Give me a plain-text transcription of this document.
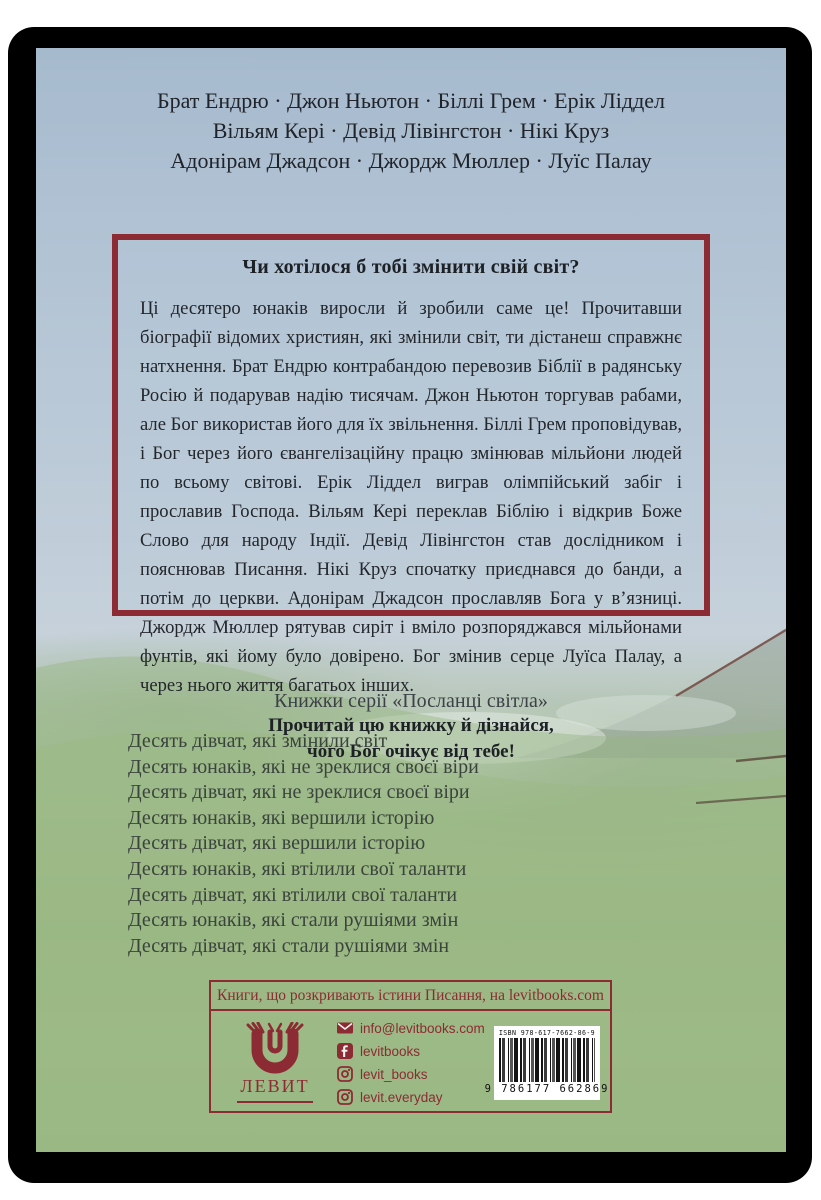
Брат Ендрю · Джон Ньютон · Біллі Грем · Ерік Ліддел
Вільям Кері · Девід Лівінгстон · Нікі Круз
Адонірам Джадсон · Джордж Мюллер · Луїс Палау
Чи хотілося б тобі змінити свій світ?

Ці десятеро юнаків виросли й зробили саме це! Прочитавши біографії відомих християн, які змінили світ, ти дістанеш справжнє натхнення. Брат Ендрю контрабандою перевозив Біблії в радянську Росію й подарував надію тисячам. Джон Ньютон торгував рабами, але Бог використав його для їх звільнення. Біллі Грем проповідував, і Бог через його євангелізаційну працю змінював мільйони людей по всьому світові. Ерік Ліддел виграв олімпійський забіг і прославив Господа. Вільям Кері переклав Біблію і відкрив Боже Слово для народу Індії. Девід Лівінгстон став дослідником і пояснював Писання. Нікі Круз спочатку приєднався до банди, а потім до церкви. Адонірам Джадсон прославляв Бога у в’язниці. Джордж Мюллер рятував сиріт і вміло розпоряджався мільйонами фунтів, які йому було довірено. Бог змінив серце Луїса Палау, а через нього життя багатьох інших.

Прочитай цю книжку й дізнайся,
чого Бог очікує від тебе!
Книжки серії «Посланці світла»
Десять дівчат, які змінили світ
Десять юнаків, які не зреклися своєї віри
Десять дівчат, які не зреклися своєї віри
Десять юнаків, які вершили історію
Десять дівчат, які вершили історію
Десять юнаків, які втілили свої таланти
Десять дівчат, які втілили свої таланти
Десять юнаків, які стали рушіями змін
Десять дівчат, які стали рушіями змін
Книги, що розкривають істини Писання, на levitbooks.com
ЛЕВИТ
info@levitbooks.com
levitbooks
levit_books
levit.everyday
ISBN 978-617-7662-86-9
9 786177 662869
